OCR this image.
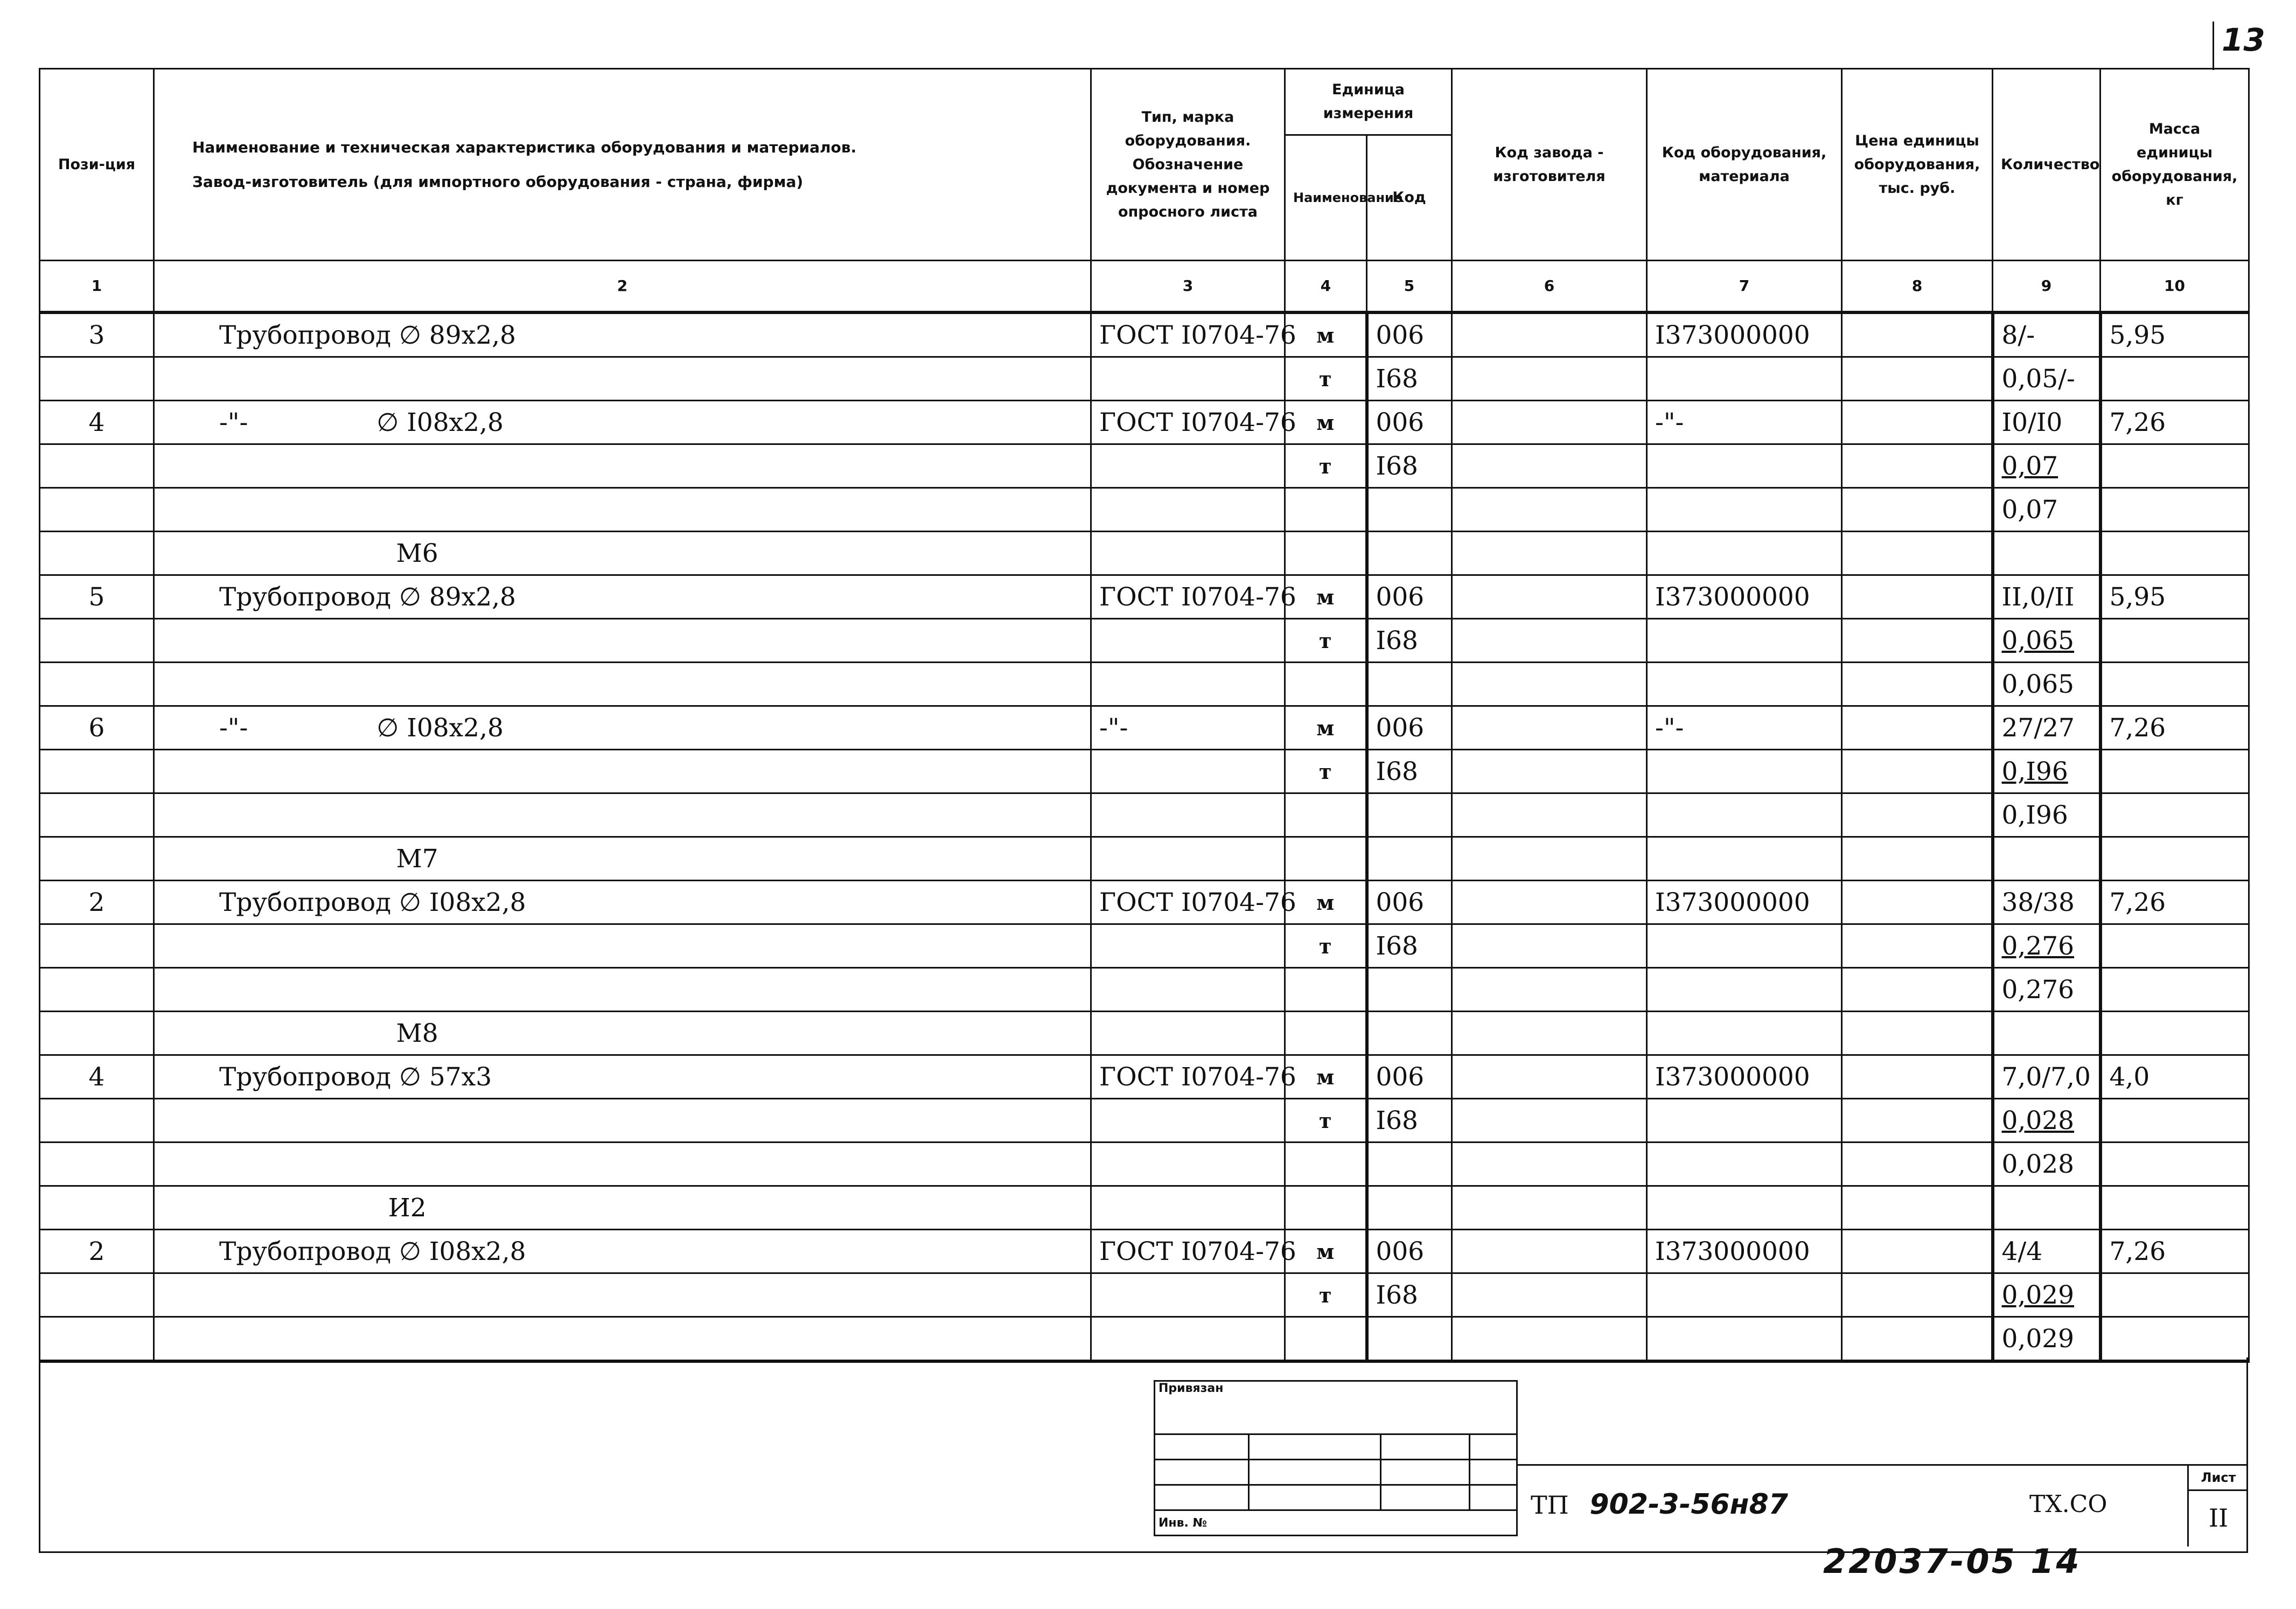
13
Пози-ция	Наименование и техническая характеристика оборудования и материалов.
Завод-изготовитель (для импортного оборудования - страна, фирма)	Тип, марка оборудования. Обозначение документа и номер опросного листа	Единица измерения		Код завода - изготовителя	Код оборудования, материала	Цена единицы оборудования, тыс. руб.	Количество	Масса единицы оборудования, кг
			Наименование	Код					
1	2	3	4	5	6	7	8	9	10
3	Трубопровод ∅ 89х2,8	ГОСТ I0704-76	м	006		I373000000		8/-	5,95
			т	I68				0,05/-	
4	-"-                ∅ I08х2,8	ГОСТ I0704-76	м	006		-"-		I0/I0	7,26
			т	I68				0,07	
								0,07	
	М6								
5	Трубопровод ∅ 89х2,8	ГОСТ I0704-76	м	006		I373000000		II,0/II	5,95
			т	I68				0,065	
								0,065	
6	-"-                ∅ I08х2,8	-"-	м	006		-"-		27/27	7,26
			т	I68				0,I96	
								0,I96	
	М7								
2	Трубопровод ∅ I08х2,8	ГОСТ I0704-76	м	006		I373000000		38/38	7,26
			т	I68				0,276	
								0,276	
	М8								
4	Трубопровод ∅ 57х3	ГОСТ I0704-76	м	006		I373000000		7,0/7,0	4,0
			т	I68				0,028	
								0,028	
	И2								
2	Трубопровод ∅ I08х2,8	ГОСТ I0704-76	м	006		I373000000		4/4	7,26
			т	I68				0,029	
								0,029	
Привязан			

Инв. №			
ТП 902-3-56н87	ТХ.СО
Лист
II
22037-05 14
